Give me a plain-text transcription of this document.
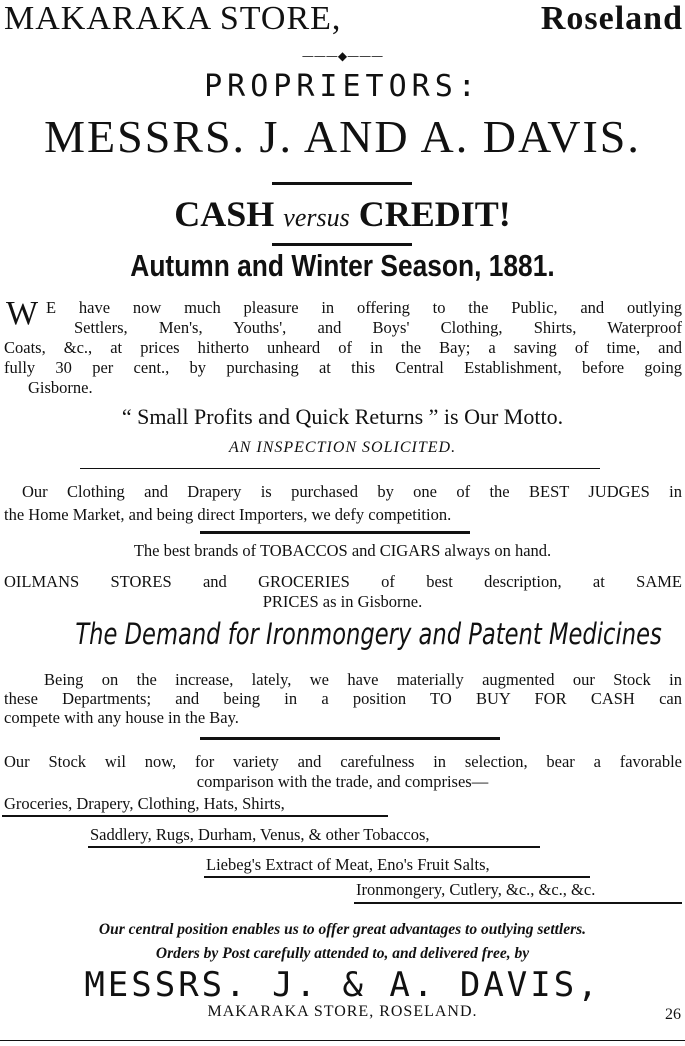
MAKARAKA STORE,	Roseland
———◆———
PROPRIETORS:
MESSRS. J. AND A. DAVIS.
CASH versus CREDIT!
Autumn and Winter Season, 1881.
W E have now much pleasure in offering to the Public, and outlying
Settlers, Men's, Youths', and Boys' Clothing, Shirts, Waterproof
Coats, &c., at prices hitherto unheard of in the Bay; a saving of time, and
fully 30 per cent., by purchasing at this Central Establishment, before going
Gisborne.
“ Small Profits and Quick Returns ” is Our Motto.
AN INSPECTION SOLICITED.
Our Clothing and Drapery is purchased by one of the BEST JUDGES in
the Home Market, and being direct Importers, we defy competition.
The best brands of TOBACCOS and CIGARS always on hand.
OILMANS STORES and GROCERIES of best description, at SAME
PRICES as in Gisborne.
The Demand for Ironmongery and Patent Medicines
Being on the increase, lately, we have materially augmented our Stock in
these Departments; and being in a position TO BUY FOR CASH can
compete with any house in the Bay.
Our Stock wil now, for variety and carefulness in selection, bear a favorable
comparison with the trade, and comprises—
Groceries, Drapery, Clothing, Hats, Shirts,
Saddlery, Rugs, Durham, Venus, & other Tobaccos,
Liebeg's Extract of Meat, Eno's Fruit Salts,
Ironmongery, Cutlery, &c., &c., &c.
Our central position enables us to offer great advantages to outlying settlers.
Orders by Post carefully attended to, and delivered free, by
MESSRS. J. & A. DAVIS,
MAKARAKA STORE, ROSELAND.	26
